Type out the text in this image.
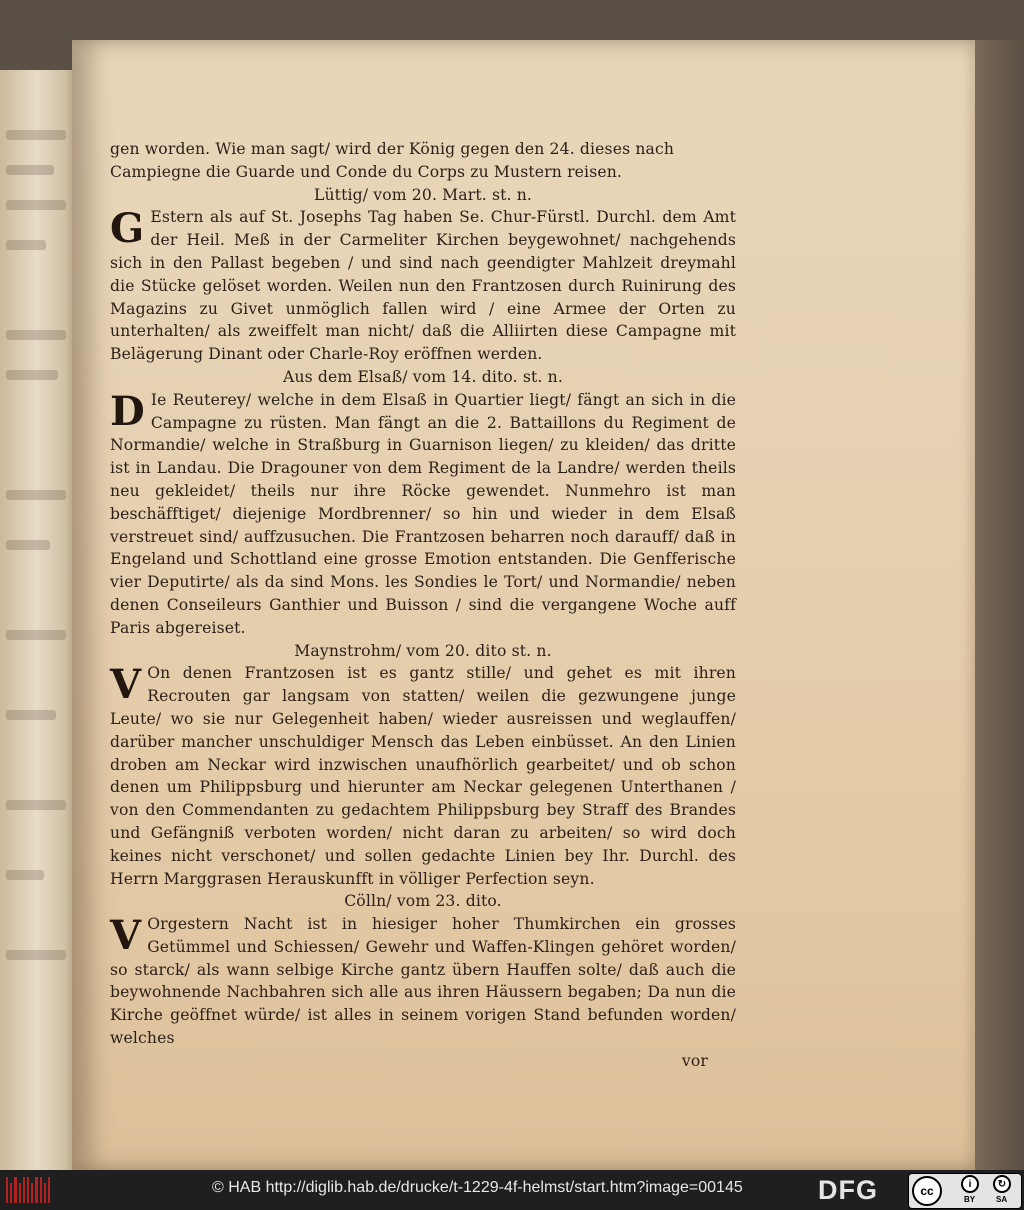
gen worden. Wie man sagt/ wird der König gegen den 24. dieses nach

Campiegne die Guarde und Conde du Corps zu Mustern reisen.

Lüttig/ vom 20. Mart. st. n.

G Estern als auf St. Josephs Tag haben Se. Chur-Fürstl. Durchl. dem Amt der Heil. Meß in der Carmeliter Kirchen beygewohnet/ nachgehends sich in den Pallast begeben / und sind nach geendigter Mahlzeit dreymahl die Stücke gelöset worden. Weilen nun den Frantzosen durch Ruinirung des Magazins zu Givet unmöglich fallen wird / eine Armee der Orten zu unterhalten/ als zweiffelt man nicht/ daß die Alliirten diese Campagne mit Belägerung Dinant oder Charle-Roy eröffnen werden.

Aus dem Elsaß/ vom 14. dito. st. n.

D Ie Reuterey/ welche in dem Elsaß in Quartier liegt/ fängt an sich in die Campagne zu rüsten. Man fängt an die 2. Battaillons du Regiment de Normandie/ welche in Straßburg in Guarnison liegen/ zu kleiden/ das dritte ist in Landau. Die Dragouner von dem Regiment de la Landre/ werden theils neu gekleidet/ theils nur ihre Röcke gewendet. Nunmehro ist man beschäfftiget/ diejenige Mordbrenner/ so hin und wieder in dem Elsaß verstreuet sind/ auffzusuchen. Die Frantzosen beharren noch darauff/ daß in Engeland und Schottland eine grosse Emotion entstanden. Die Genfferische vier Deputirte/ als da sind Mons. les Sondies le Tort/ und Normandie/ neben denen Conseileurs Ganthier und Buisson / sind die vergangene Woche auff Paris abgereiset.

Maynstrohm/ vom 20. dito st. n.

V On denen Frantzosen ist es gantz stille/ und gehet es mit ihren Recrouten gar langsam von statten/ weilen die gezwungene junge Leute/ wo sie nur Gelegenheit haben/ wieder ausreissen und weglauffen/ darüber mancher unschuldiger Mensch das Leben einbüsset. An den Linien droben am Neckar wird inzwischen unaufhörlich gearbeitet/ und ob schon denen um Philippsburg und hierunter am Neckar gelegenen Unterthanen / von den Commendanten zu gedachtem Philippsburg bey Straff des Brandes und Gefängniß verboten worden/ nicht daran zu arbeiten/ so wird doch keines nicht verschonet/ und sollen gedachte Linien bey Ihr. Durchl. des Herrn Marggrasen Herauskunfft in völliger Perfection seyn.

Cölln/ vom 23. dito.

V Orgestern Nacht ist in hiesiger hoher Thumkirchen ein grosses Getümmel und Schiessen/ Gewehr und Waffen-Klingen gehöret worden/ so starck/ als wann selbige Kirche gantz übern Hauffen solte/ daß auch die beywohnende Nachbahren sich alle aus ihren Häussern begaben; Da nun die Kirche geöffnet würde/ ist alles in seinem vorigen Stand befunden worden/ welches

vor

© HAB http://diglib.hab.de/drucke/t-1229-4f-helmst/start.htm?image=00145	DFG	cc	i	↻
BY	SA
